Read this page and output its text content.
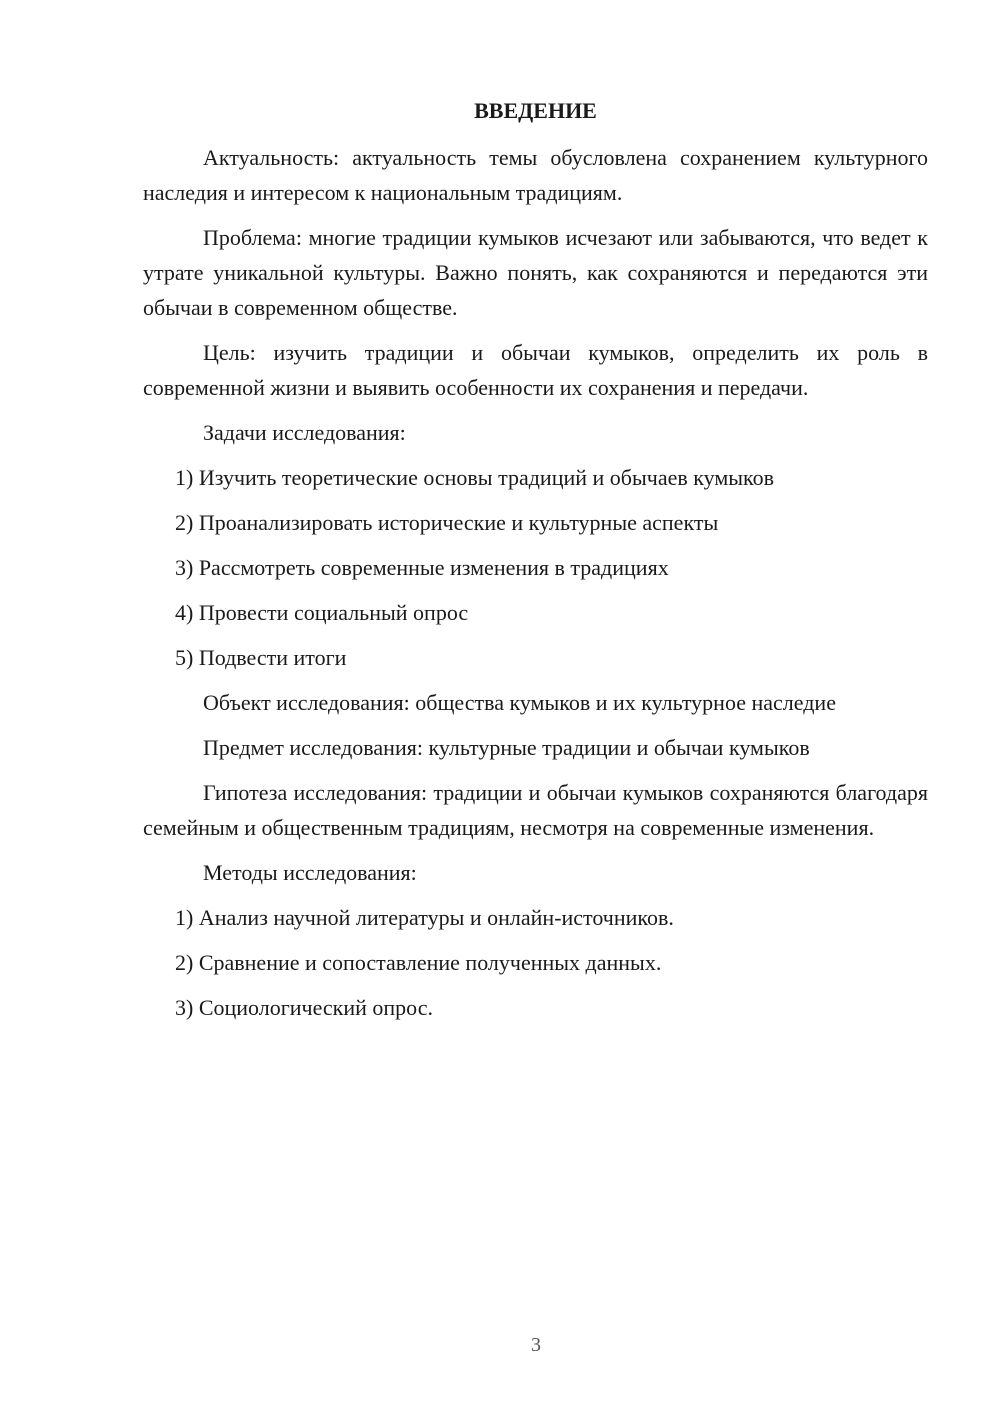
ВВЕДЕНИЕ

Актуальность: актуальность темы обусловлена сохранением культурного наследия и интересом к национальным традициям.

Проблема: многие традиции кумыков исчезают или забываются, что ведет к утрате уникальной культуры. Важно понять, как сохраняются и передаются эти обычаи в современном обществе.

Цель: изучить традиции и обычаи кумыков, определить их роль в современной жизни и выявить особенности их сохранения и передачи.

Задачи исследования:
1) Изучить теоретические основы традиций и обычаев кумыков
2) Проанализировать исторические и культурные аспекты
3) Рассмотреть современные изменения в традициях
4) Провести социальный опрос
5) Подвести итоги
Объект исследования: общества кумыков и их культурное наследие
Предмет исследования: культурные традиции и обычаи кумыков

Гипотеза исследования: традиции и обычаи кумыков сохраняются благодаря семейным и общественным традициям, несмотря на современные изменения.

Методы исследования:
1) Анализ научной литературы и онлайн-источников.
2) Сравнение и сопоставление полученных данных.
3) Социологический опрос.
3
